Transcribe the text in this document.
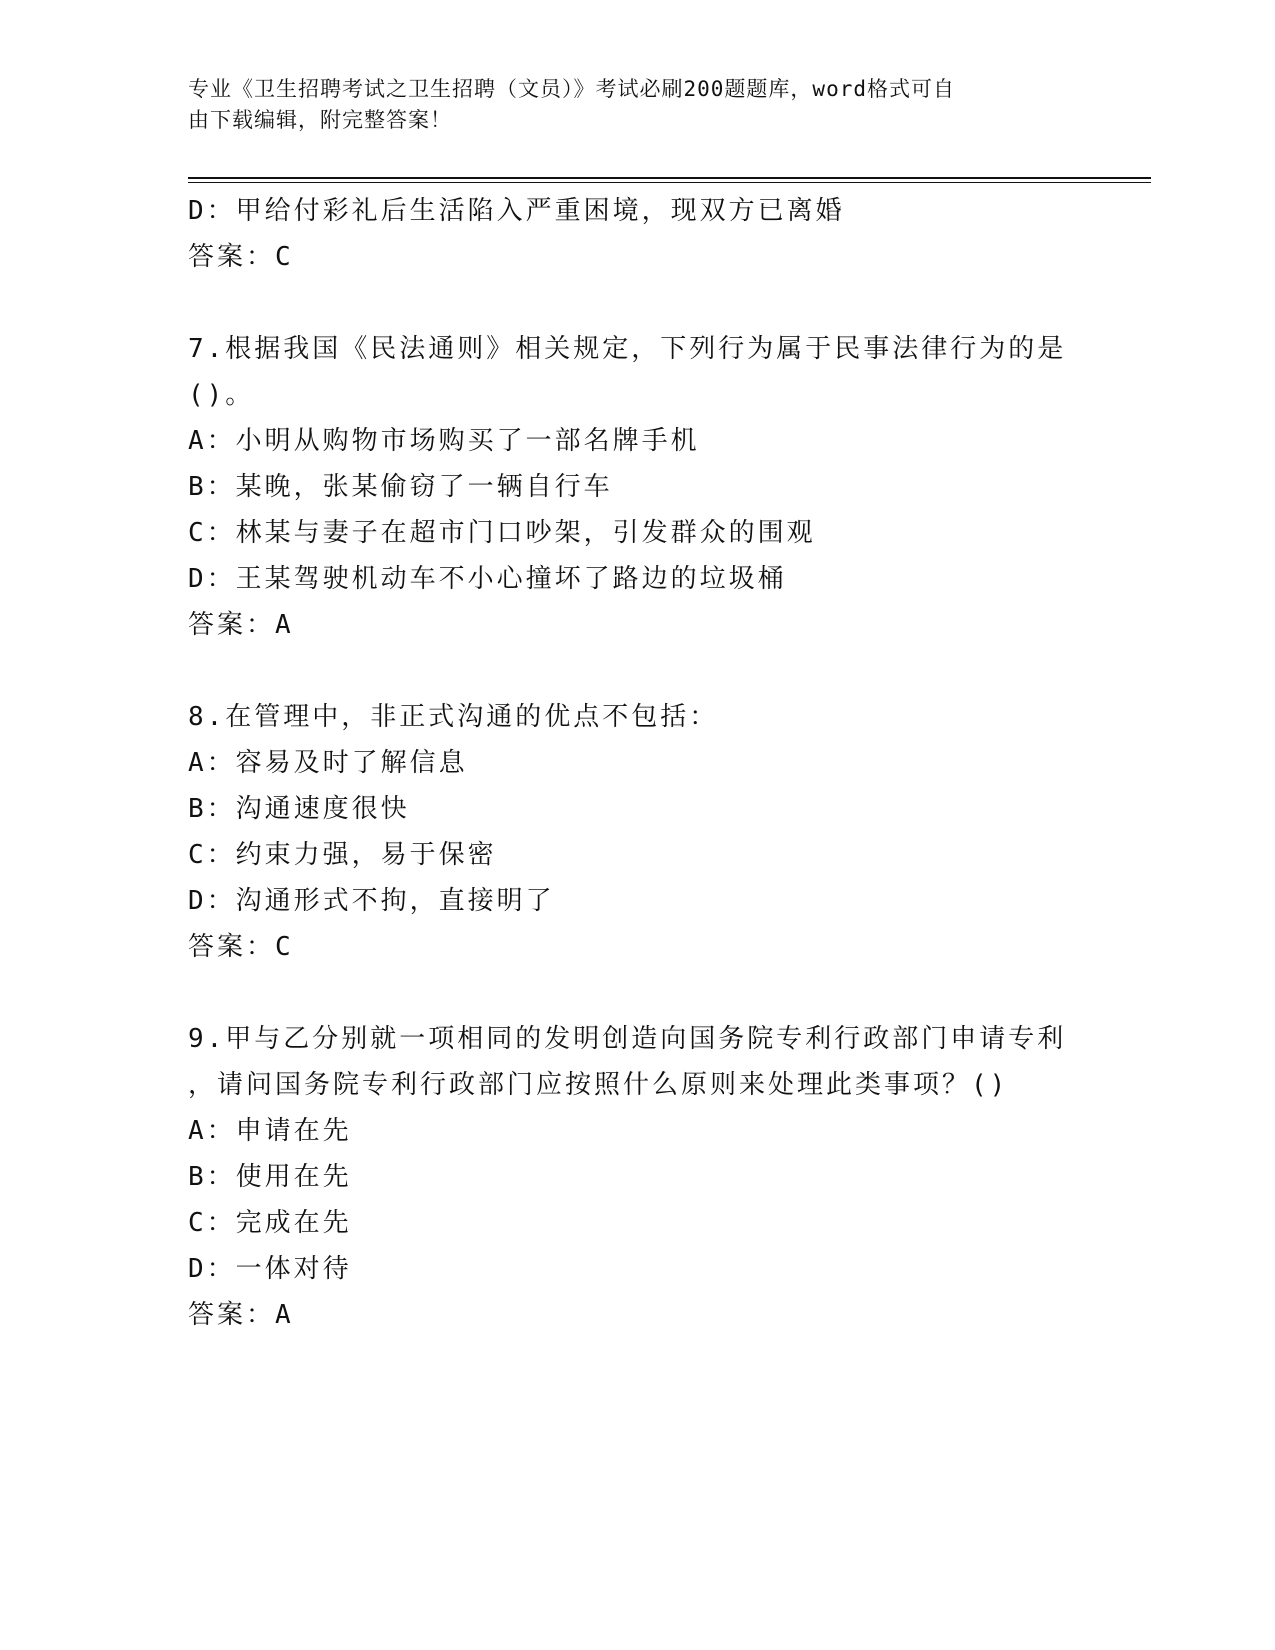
专业《卫生招聘考试之卫生招聘（文员）》考试必刷200题题库，word格式可自
由下载编辑，附完整答案！
D：甲给付彩礼后生活陷入严重困境，现双方已离婚
答案：C
7.根据我国《民法通则》相关规定，下列行为属于民事法律行为的是
()。
A：小明从购物市场购买了一部名牌手机
B：某晚，张某偷窃了一辆自行车
C：林某与妻子在超市门口吵架，引发群众的围观
D：王某驾驶机动车不小心撞坏了路边的垃圾桶
答案：A
8.在管理中，非正式沟通的优点不包括：
A：容易及时了解信息
B：沟通速度很快
C：约束力强，易于保密
D：沟通形式不拘，直接明了
答案：C
9.甲与乙分别就一项相同的发明创造向国务院专利行政部门申请专利
，请问国务院专利行政部门应按照什么原则来处理此类事项？()
A：申请在先
B：使用在先
C：完成在先
D：一体对待
答案：A
